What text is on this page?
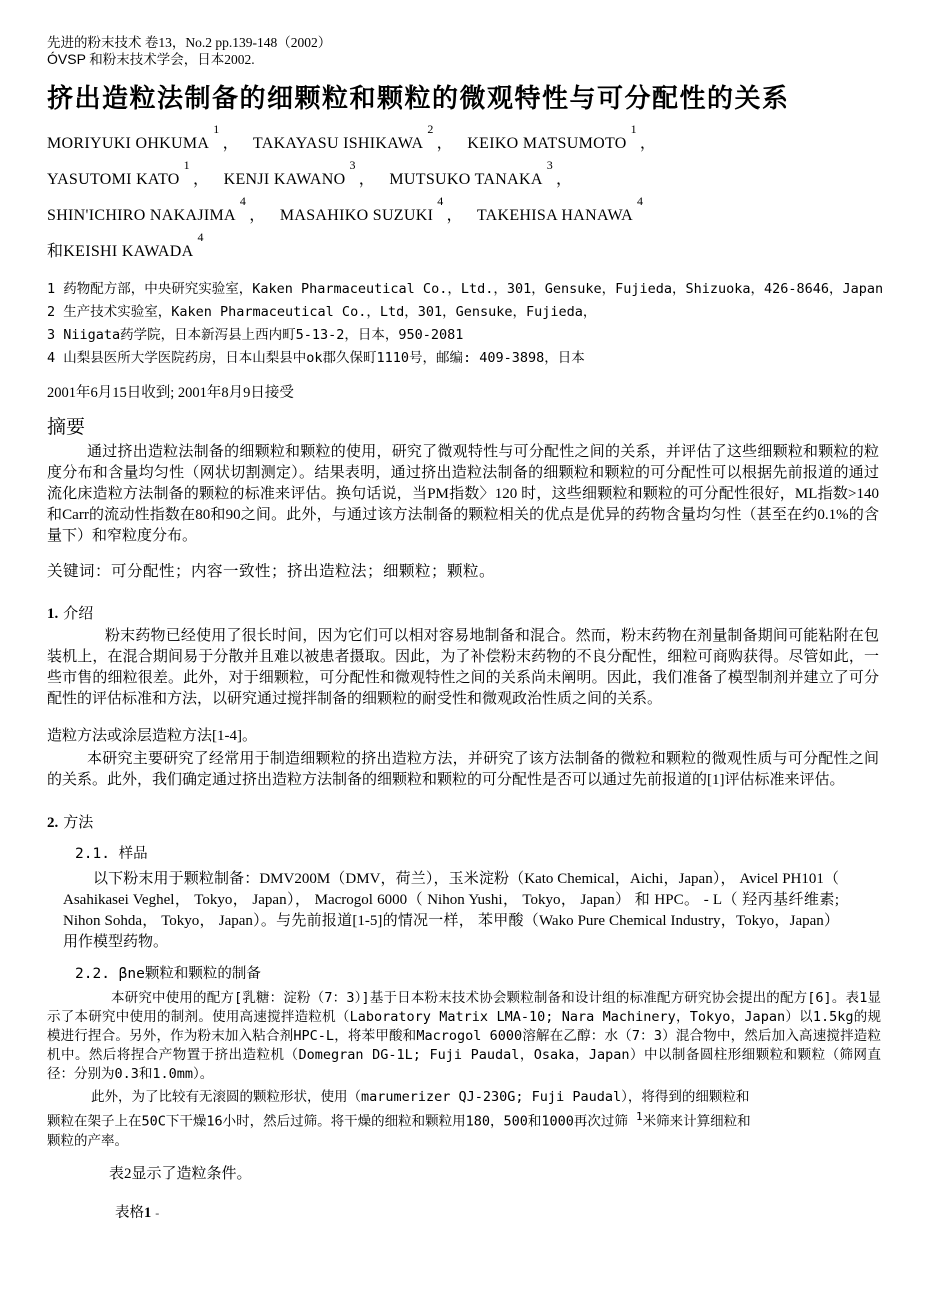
先进的粉末技术 卷13，No.2 pp.139-148（2002）
ÓVSP 和粉末技术学会，日本2002.
挤出造粒法制备的细颗粒和颗粒的微观特性与可分配性的关系
MORIYUKI OHKUMA$^1$， TAKAYASU ISHIKAWA$^2$， KEIKO MATSUMOTO$^1$，
YASUTOMI KATO$^1$， KENJI KAWANO$^3$， MUTSUKO TANAKA$^3$，
SHIN'ICHIRO NAKAJIMA$^4$， MASAHIKO SUZUKI$^4$， TAKEHISA HANAWA$^4$
和KEISHI KAWADA$^4$
1 药物配方部，中央研究实验室，Kaken Pharmaceutical Co.，Ltd.，301，Gensuke，Fujieda，Shizuoka，426-8646，Japan
2 生产技术实验室，Kaken Pharmaceutical Co.，Ltd，301，Gensuke，Fujieda，
3 Niigata药学院，日本新泻县上西内町5-13-2，日本，950-2081
4 山梨县医所大学医院药房，日本山梨县中ok郡久保町1110号，邮编: 409-3898，日本
2001年6月15日收到; 2001年8月9日接受
摘要

通过挤出造粒法制备的细颗粒和颗粒的使用，研究了微观特性与可分配性之间的关系，并评估了这些细颗粒和颗粒的粒度分布和含量均匀性（网状切割测定）。结果表明，通过挤出造粒法制备的细颗粒和颗粒的可分配性可以根据先前报道的通过流化床造粒方法制备的颗粒的标准来评估。换句话说，当PM指数〉120 时，这些细颗粒和颗粒的可分配性很好，ML指数>140和Carr的流动性指数在80和90之间。此外，与通过该方法制备的颗粒相关的优点是优异的药物含量均匀性（甚至在约0.1%的含量下）和窄粒度分布。

关键词：可分配性；内容一致性；挤出造粒法；细颗粒；颗粒。

1. 介绍

粉末药物已经使用了很长时间，因为它们可以相对容易地制备和混合。然而，粉末药物在剂量制备期间可能粘附在包装机上，在混合期间易于分散并且难以被患者摄取。因此，为了补偿粉末药物的不良分配性，细粒可商购获得。尽管如此，一些市售的细粒很差。此外，对于细颗粒，可分配性和微观特性之间的关系尚未阐明。因此，我们准备了模型制剂并建立了可分配性的评估标准和方法，以研究通过搅拌制备的细颗粒的耐受性和微观政治性质之间的关系。

造粒方法或涂层造粒方法[1-4]。

本研究主要研究了经常用于制造细颗粒的挤出造粒方法，并研究了该方法制备的微粒和颗粒的微观性质与可分配性之间的关系。此外，我们确定通过挤出造粒方法制备的细颗粒和颗粒的可分配性是否可以通过先前报道的[1]评估标准来评估。

2. 方法
2.1. 样品

以下粉末用于颗粒制备：DMV200M（DMV，荷兰），玉米淀粉（Kato Chemical，Aichi，Japan）， Avicel PH101（ Asahikasei Veghel， Tokyo， Japan）， Macrogol 6000（ Nihon Yushi， Tokyo， Japan） 和 HPC。 - L（ 羟丙基纤维素; Nihon Sohda， Tokyo， Japan）。与先前报道[1-5]的情况一样， 苯甲酸（Wako Pure Chemical Industry，Tokyo，Japan）用作模型药物。

2.2. βne颗粒和颗粒的制备

本研究中使用的配方[乳糖：淀粉（7：3）]基于日本粉末技术协会颗粒制备和设计组的标准配方研究协会提出的配方[6]。表1显示了本研究中使用的制剂。使用高速搅拌造粒机（Laboratory Matrix LMA-10; Nara Machinery，Tokyo，Japan）以1.5kg的规模进行捏合。另外，作为粉末加入粘合剂HPC-L，将苯甲酸和Macrogol 6000溶解在乙醇：水（7：3）混合物中，然后加入高速搅拌造粒机中。然后将捏合产物置于挤出造粒机（Domegran DG-1L; Fuji Paudal，Osaka，Japan）中以制备圆柱形细颗粒和颗粒（筛网直径：分别为0.3和1.0mm）。

此外，为了比较有无滚圆的颗粒形状，使用（marumerizer QJ-230G; Fuji Paudal），将得到的细颗粒和颗粒在架子上在50C下干燥16小时，然后过筛。将干燥的细粒和颗粒用180，500和1000再次过筛 $^1$米筛来计算细粒和颗粒的产率。

表2显示了造粒条件。

表格1 -
